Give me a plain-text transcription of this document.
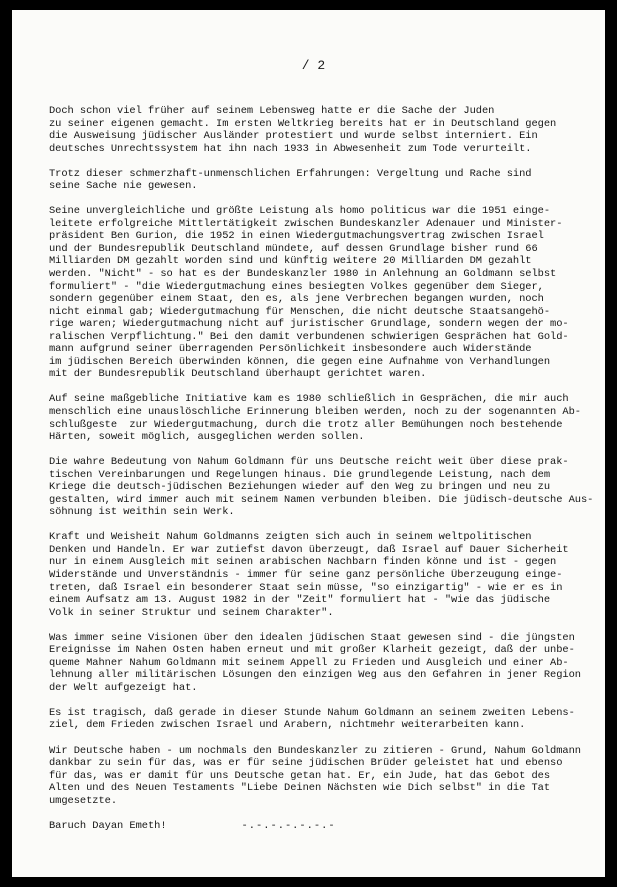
/ 2
Doch schon viel früher auf seinem Lebensweg hatte er die Sache der Juden
zu seiner eigenen gemacht. Im ersten Weltkrieg bereits hat er in Deutschland gegen
die Ausweisung jüdischer Ausländer protestiert und wurde selbst interniert. Ein
deutsches Unrechtssystem hat ihn nach 1933 in Abwesenheit zum Tode verurteilt.
Trotz dieser schmerzhaft-unmenschlichen Erfahrungen: Vergeltung und Rache sind
seine Sache nie gewesen.
Seine unvergleichliche und größte Leistung als homo politicus war die 1951 einge-
leitete erfolgreiche Mittlertätigkeit zwischen Bundeskanzler Adenauer und Minister-
präsident Ben Gurion, die 1952 in einen Wiedergutmachungsvertrag zwischen Israel
und der Bundesrepublik Deutschland mündete, auf dessen Grundlage bisher rund 66
Milliarden DM gezahlt worden sind und künftig weitere 20 Milliarden DM gezahlt
werden. "Nicht" - so hat es der Bundeskanzler 1980 in Anlehnung an Goldmann selbst
formuliert" - "die Wiedergutmachung eines besiegten Volkes gegenüber dem Sieger,
sondern gegenüber einem Staat, den es, als jene Verbrechen begangen wurden, noch
nicht einmal gab; Wiedergutmachung für Menschen, die nicht deutsche Staatsangehö-
rige waren; Wiedergutmachung nicht auf juristischer Grundlage, sondern wegen der mo-
ralischen Verpflichtung." Bei den damit verbundenen schwierigen Gesprächen hat Gold-
mann aufgrund seiner überragenden Persönlichkeit insbesondere auch Widerstände
im jüdischen Bereich überwinden können, die gegen eine Aufnahme von Verhandlungen
mit der Bundesrepublik Deutschland überhaupt gerichtet waren.
Auf seine maßgebliche Initiative kam es 1980 schließlich in Gesprächen, die mir auch
menschlich eine unauslöschliche Erinnerung bleiben werden, noch zu der sogenannten Ab-
schlußgeste  zur Wiedergutmachung, durch die trotz aller Bemühungen noch bestehende
Härten, soweit möglich, ausgeglichen werden sollen.
Die wahre Bedeutung von Nahum Goldmann für uns Deutsche reicht weit über diese prak-
tischen Vereinbarungen und Regelungen hinaus. Die grundlegende Leistung, nach dem
Kriege die deutsch-jüdischen Beziehungen wieder auf den Weg zu bringen und neu zu
gestalten, wird immer auch mit seinem Namen verbunden bleiben. Die jüdisch-deutsche Aus-
söhnung ist weithin sein Werk.
Kraft und Weisheit Nahum Goldmanns zeigten sich auch in seinem weltpolitischen
Denken und Handeln. Er war zutiefst davon überzeugt, daß Israel auf Dauer Sicherheit
nur in einem Ausgleich mit seinen arabischen Nachbarn finden könne und ist - gegen
Widerstände und Unverständnis - immer für seine ganz persönliche Überzeugung einge-
treten, daß Israel ein besonderer Staat sein müsse, "so einzigartig" - wie er es in
einem Aufsatz am 13. August 1982 in der "Zeit" formuliert hat - "wie das jüdische
Volk in seiner Struktur und seinem Charakter".
Was immer seine Visionen über den idealen jüdischen Staat gewesen sind - die jüngsten
Ereignisse im Nahen Osten haben erneut und mit großer Klarheit gezeigt, daß der unbe-
queme Mahner Nahum Goldmann mit seinem Appell zu Frieden und Ausgleich und einer Ab-
lehnung aller militärischen Lösungen den einzigen Weg aus den Gefahren in jener Region
der Welt aufgezeigt hat.
Es ist tragisch, daß gerade in dieser Stunde Nahum Goldmann an seinem zweiten Lebens-
ziel, dem Frieden zwischen Israel und Arabern, nichtmehr weiterarbeiten kann.
Wir Deutsche haben - um nochmals den Bundeskanzler zu zitieren - Grund, Nahum Goldmann
dankbar zu sein für das, was er für seine jüdischen Brüder geleistet hat und ebenso
für das, was er damit für uns Deutsche getan hat. Er, ein Jude, hat das Gebot des
Alten und des Neuen Testaments "Liebe Deinen Nächsten wie Dich selbst" in die Tat
umgesetzte.
Baruch Dayan Emeth!	-.-.-.-.-.-.-
